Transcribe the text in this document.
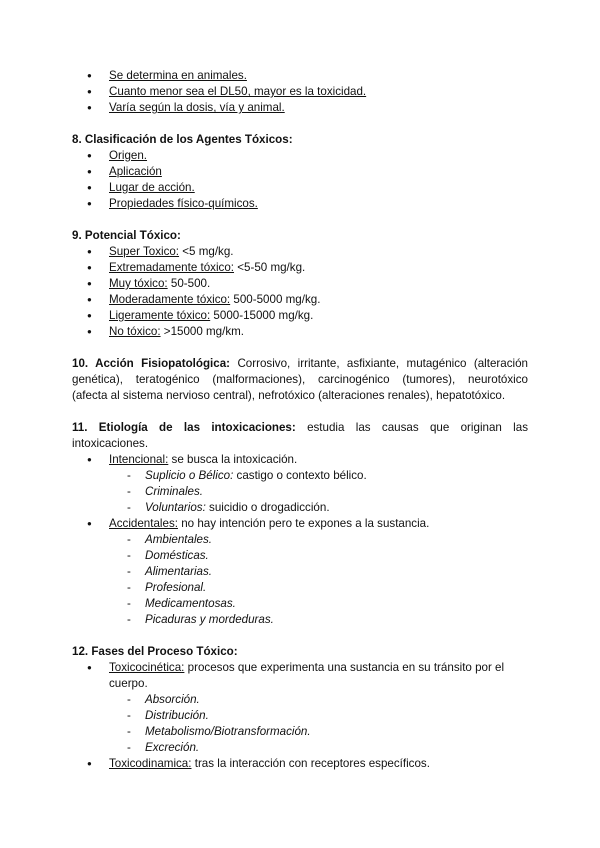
● Se determina en animales.
● Cuanto menor sea el DL50, mayor es la toxicidad.
● Varía según la dosis, vía y animal.
8. Clasificación de los Agentes Tóxicos:
● Origen.
● Aplicación
● Lugar de acción.
● Propiedades físico-químicos.
9. Potencial Tóxico:
● Super Toxico: <5 mg/kg.
● Extremadamente tóxico: <5-50 mg/kg.
● Muy tóxico: 50-500.
● Moderadamente tóxico: 500-5000 mg/kg.
● Ligeramente tóxico: 5000-15000 mg/kg.
● No tóxico: >15000 mg/km.
10. Acción Fisiopatológica: Corrosivo, irritante, asfixiante, mutagénico (alteración
genética), teratogénico (malformaciones), carcinogénico (tumores), neurotóxico
(afecta al sistema nervioso central), nefrotóxico (alteraciones renales), hepatotóxico.
11. Etiología de las intoxicaciones: estudia las causas que originan las
intoxicaciones.
● Intencional: se busca la intoxicación.
- Suplicio o Bélico: castigo o contexto bélico.
- Criminales.
- Voluntarios: suicidio o drogadicción.
● Accidentales: no hay intención pero te expones a la sustancia.
- Ambientales.
- Domésticas.
- Alimentarias.
- Profesional.
- Medicamentosas.
- Picaduras y mordeduras.
12. Fases del Proceso Tóxico:
● Toxicocinética: procesos que experimenta una sustancia en su tránsito por el
cuerpo.
- Absorción.
- Distribución.
- Metabolismo/Biotransformación.
- Excreción.
● Toxicodinamica: tras la interacción con receptores específicos.
